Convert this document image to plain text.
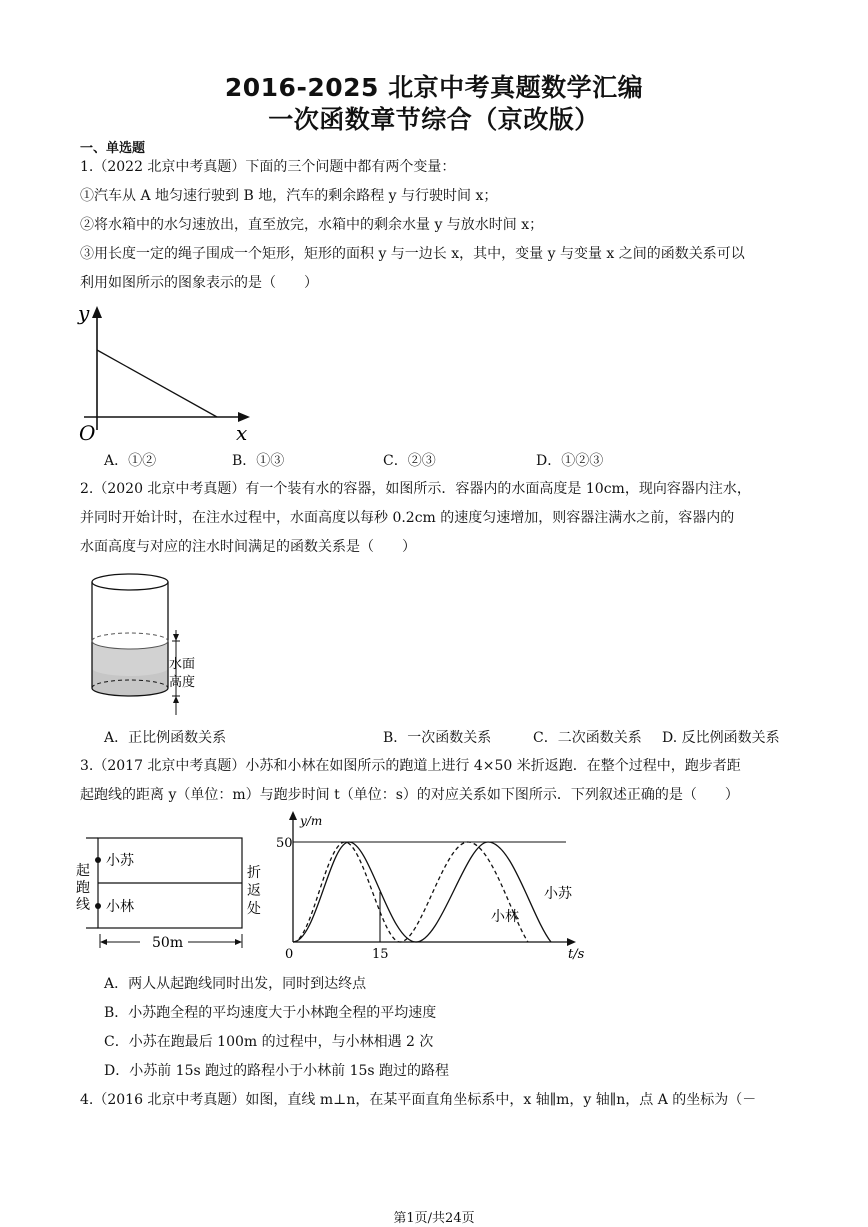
2016-2025 北京中考真题数学汇编
一次函数章节综合（京改版）
一、单选题
1.（2022 北京中考真题）下面的三个问题中都有两个变量：
①汽车从 A 地匀速行驶到 B 地，汽车的剩余路程 y 与行驶时间 x；
②将水箱中的水匀速放出，直至放完，水箱中的剩余水量 y 与放水时间 x；
③用长度一定的绳子围成一个矩形，矩形的面积 y 与一边长 x，其中，变量 y 与变量 x 之间的函数关系可以
利用如图所示的图象表示的是（　　）
y
x
O
A．①②	B．①③	C．②③	D．①②③
2.（2020 北京中考真题）有一个装有水的容器，如图所示．容器内的水面高度是 10cm，现向容器内注水，
并同时开始计时，在注水过程中，水面高度以每秒 0.2cm 的速度匀速增加，则容器注满水之前，容器内的
水面高度与对应的注水时间满足的函数关系是（　　）
水面
高度
A．正比例函数关系	B．一次函数关系	C．二次函数关系 D. 反比例函数关系
3.（2017 北京中考真题）小苏和小林在如图所示的跑道上进行 4×50 米折返跑．在整个过程中，跑步者距
起跑线的距离 y（单位：m）与跑步时间 t（单位：s）的对应关系如下图所示．下列叙述正确的是（　　）
小苏
小林
起
跑
线
折
返
处
50m
y/m
t/s
50
15
0
小苏
小林
A．两人从起跑线同时出发，同时到达终点
B．小苏跑全程的平均速度大于小林跑全程的平均速度
C．小苏在跑最后 100m 的过程中，与小林相遇 2 次
D．小苏前 15s 跑过的路程小于小林前 15s 跑过的路程
4.（2016 北京中考真题）如图，直线 m⊥n，在某平面直角坐标系中，x 轴∥m，y 轴∥n，点 A 的坐标为（－
第1页/共24页
